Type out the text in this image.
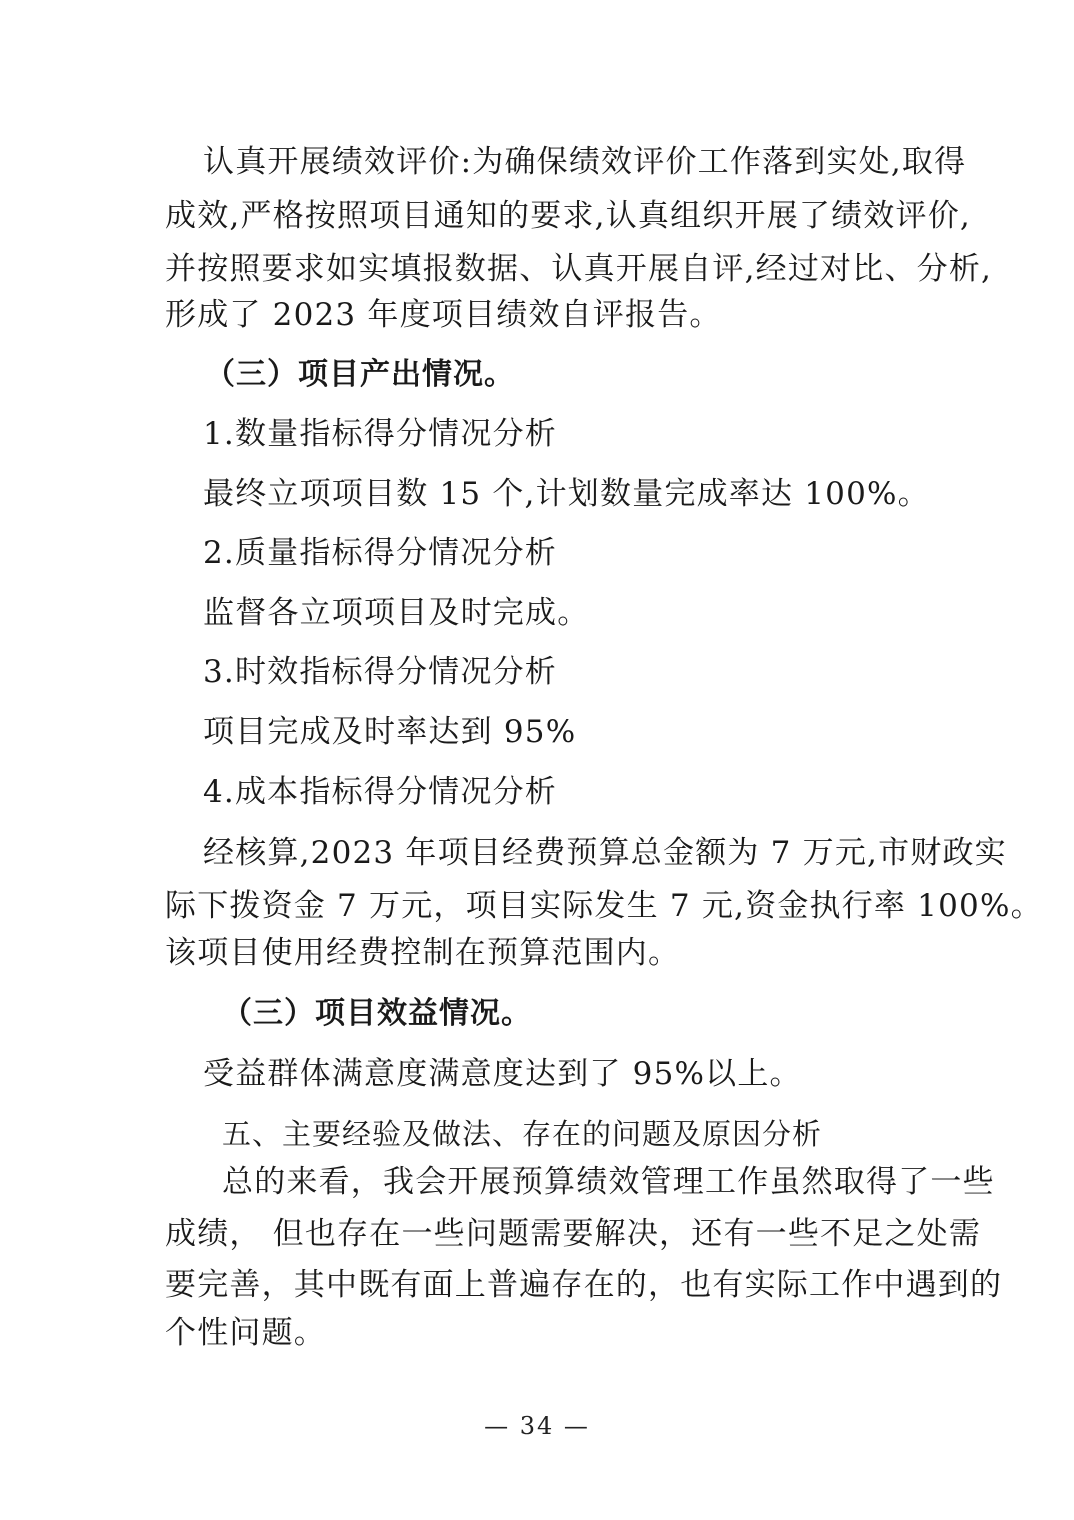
认真开展绩效评价:为确保绩效评价工作落到实处,取得
成效,严格按照项目通知的要求,认真组织开展了绩效评价,
并按照要求如实填报数据、认真开展自评,经过对比、分析,
形成了 2023 年度项目绩效自评报告。
（三）项目产出情况。
1.数量指标得分情况分析
最终立项项目数 15 个,计划数量完成率达 100%。
2.质量指标得分情况分析
监督各立项项目及时完成。
3.时效指标得分情况分析
项目完成及时率达到 95%
4.成本指标得分情况分析
经核算,2023 年项目经费预算总金额为 7 万元,市财政实
际下拨资金 7 万元，项目实际发生 7 元,资金执行率 100%。
该项目使用经费控制在预算范围内。
（三）项目效益情况。
受益群体满意度满意度达到了 95%以上。
五、主要经验及做法、存在的问题及原因分析
总的来看，我会开展预算绩效管理工作虽然取得了一些
成绩， 但也存在一些问题需要解决，还有一些不足之处需
要完善，其中既有面上普遍存在的，也有实际工作中遇到的
个性问题。
— 34 —
